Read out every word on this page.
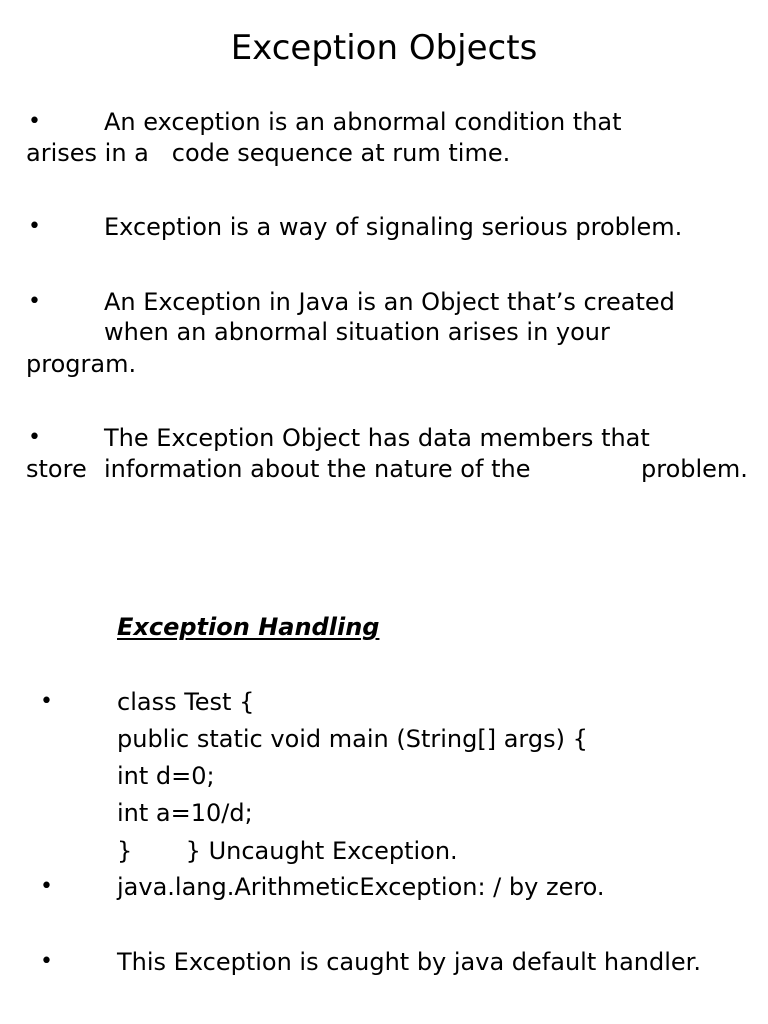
Exception Objects
•	An exception is an abnormal condition that
arises in a   code sequence at rum time.
•	Exception is a way of signaling serious problem.
•	An Exception in Java is an Object that’s created
when an abnormal situation arises in your
program.
•	The Exception Object has data members that
store information about the nature of the	problem.
Exception Handling
•	class Test {
public static void main (String[] args) {
int d=0;
int a=10/d;
}       } Uncaught Exception.
•	java.lang.ArithmeticException: / by zero.
•	This Exception is caught by java default handler.
